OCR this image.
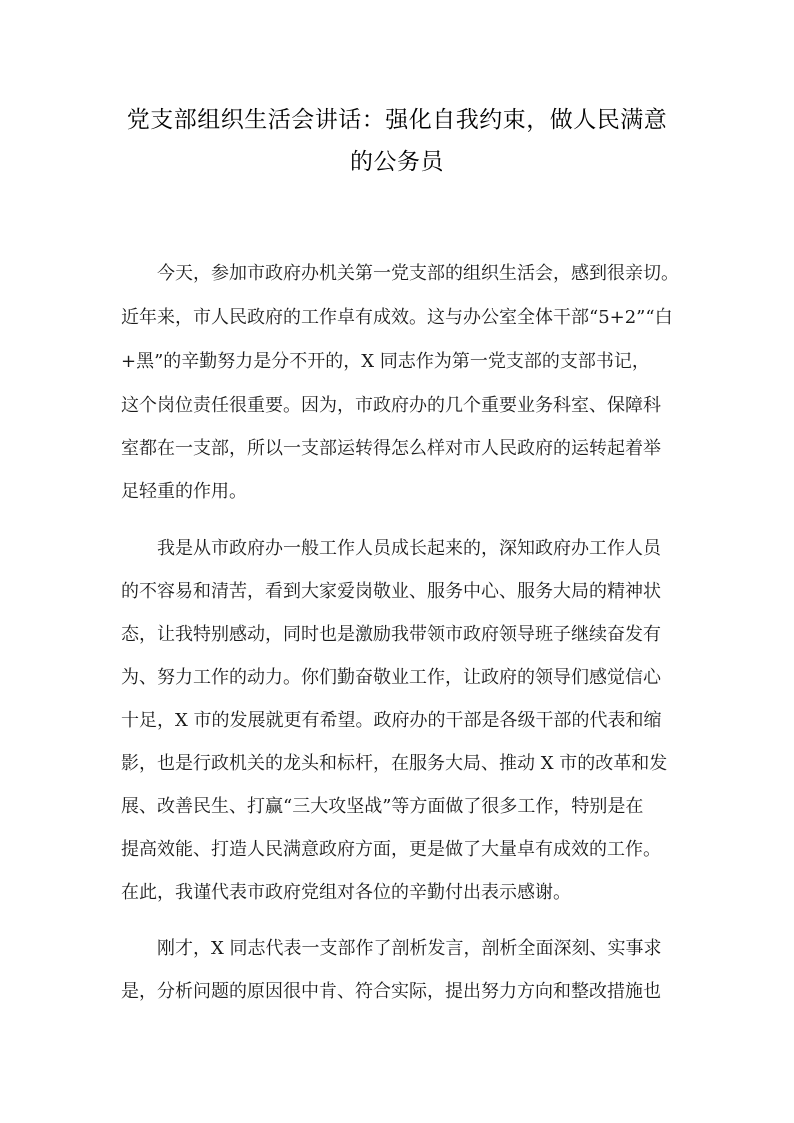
党支部组织生活会讲话：强化自我约束，做人民满意
的公务员
今天，参加市政府办机关第一党支部的组织生活会，感到很亲切。
近年来，市人民政府的工作卓有成效。这与办公室全体干部“5+2”“白
+黑”的辛勤努力是分不开的，X 同志作为第一党支部的支部书记，
这个岗位责任很重要。因为，市政府办的几个重要业务科室、保障科
室都在一支部，所以一支部运转得怎么样对市人民政府的运转起着举
足轻重的作用。
我是从市政府办一般工作人员成长起来的，深知政府办工作人员
的不容易和清苦，看到大家爱岗敬业、服务中心、服务大局的精神状
态，让我特别感动，同时也是激励我带领市政府领导班子继续奋发有
为、努力工作的动力。你们勤奋敬业工作，让政府的领导们感觉信心
十足，X 市的发展就更有希望。政府办的干部是各级干部的代表和缩
影，也是行政机关的龙头和标杆，在服务大局、推动 X 市的改革和发
展、改善民生、打赢“三大攻坚战”等方面做了很多工作，特别是在
提高效能、打造人民满意政府方面，更是做了大量卓有成效的工作。
在此，我谨代表市政府党组对各位的辛勤付出表示感谢。
刚才，X 同志代表一支部作了剖析发言，剖析全面深刻、实事求
是，分析问题的原因很中肯、符合实际，提出努力方向和整改措施也
